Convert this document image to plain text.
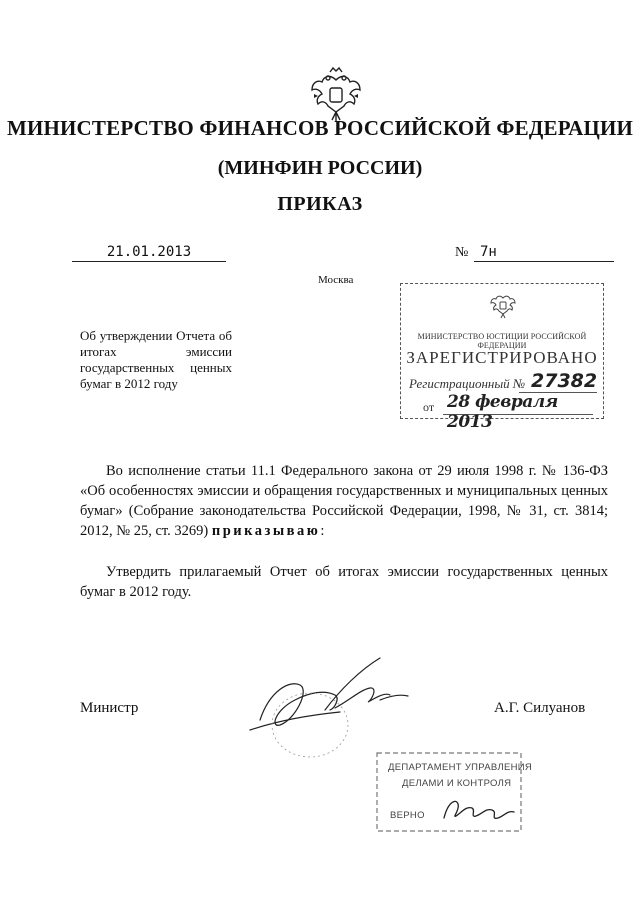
МИНИСТЕРСТВО ФИНАНСОВ РОССИЙСКОЙ ФЕДЕРАЦИИ
(МИНФИН РОССИИ)
ПРИКАЗ
21.01.2013	№ 7н
Москва
Об утверждении Отчета об итогах эмиссии государственных ценных бумаг в 2012 году
МИНИСТЕРСТВО ЮСТИЦИИ РОССИЙСКОЙ ФЕДЕРАЦИИ
ЗАРЕГИСТРИРОВАНО
Регистрационный № 27382
от 28 февраля 2013

Во исполнение статьи 11.1 Федерального закона от 29 июля 1998 г. № 136-ФЗ «Об особенностях эмиссии и обращения государственных и муниципальных ценных бумаг» (Собрание законодательства Российской Федерации, 1998, № 31, ст. 3814; 2012, № 25, ст. 3269) приказываю:

Утвердить прилагаемый Отчет об итогах эмиссии государственных ценных бумаг в 2012 году.

Министр	А.Г. Силуанов
ДЕПАРТАМЕНТ УПРАВЛЕНИЯ
ДЕЛАМИ И КОНТРОЛЯ
ВЕРНО
